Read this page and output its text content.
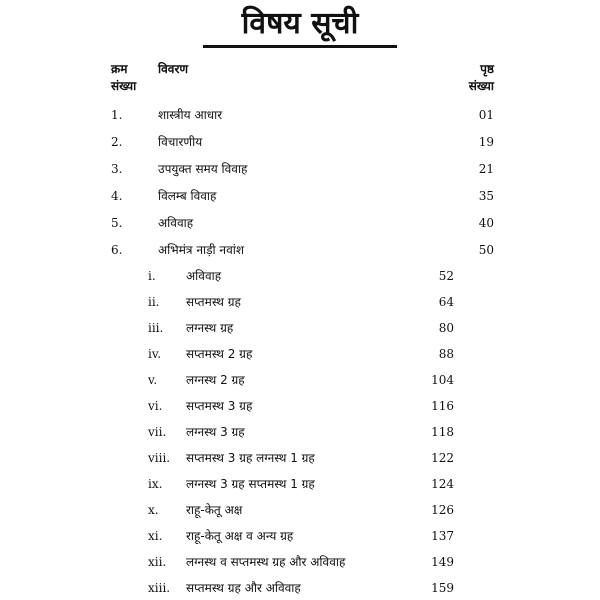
विषय सूची
क्रम
संख्या
विवरण	पृष्ठ
संख्या
1.	शास्त्रीय आधार	01
2.	विचारणीय	19
3.	उपयुक्त समय विवाह	21
4.	विलम्ब विवाह	35
5.	अविवाह	40
6.	अभिमंत्र नाड़ी नवांश	50
i.	अविवाह	52
ii. सप्तमस्थ ग्रह	64
iii. लग्नस्थ ग्रह	80
iv. सप्तमस्थ 2 ग्रह	88
v. लग्नस्थ 2 ग्रह	104
vi. सप्तमस्थ 3 ग्रह	116
vii. लग्नस्थ 3 ग्रह	118
viii. सप्तमस्थ 3 ग्रह लग्नस्थ 1 ग्रह	122
ix. लग्नस्थ 3 ग्रह सप्तमस्थ 1 ग्रह	124
x. राहू-केतू अक्ष	126
xi. राहू-केतू अक्ष व अन्य ग्रह	137
xii. लग्नस्थ व सप्तमस्थ ग्रह और अविवाह	149
xiii. सप्तमस्थ ग्रह और अविवाह	159
